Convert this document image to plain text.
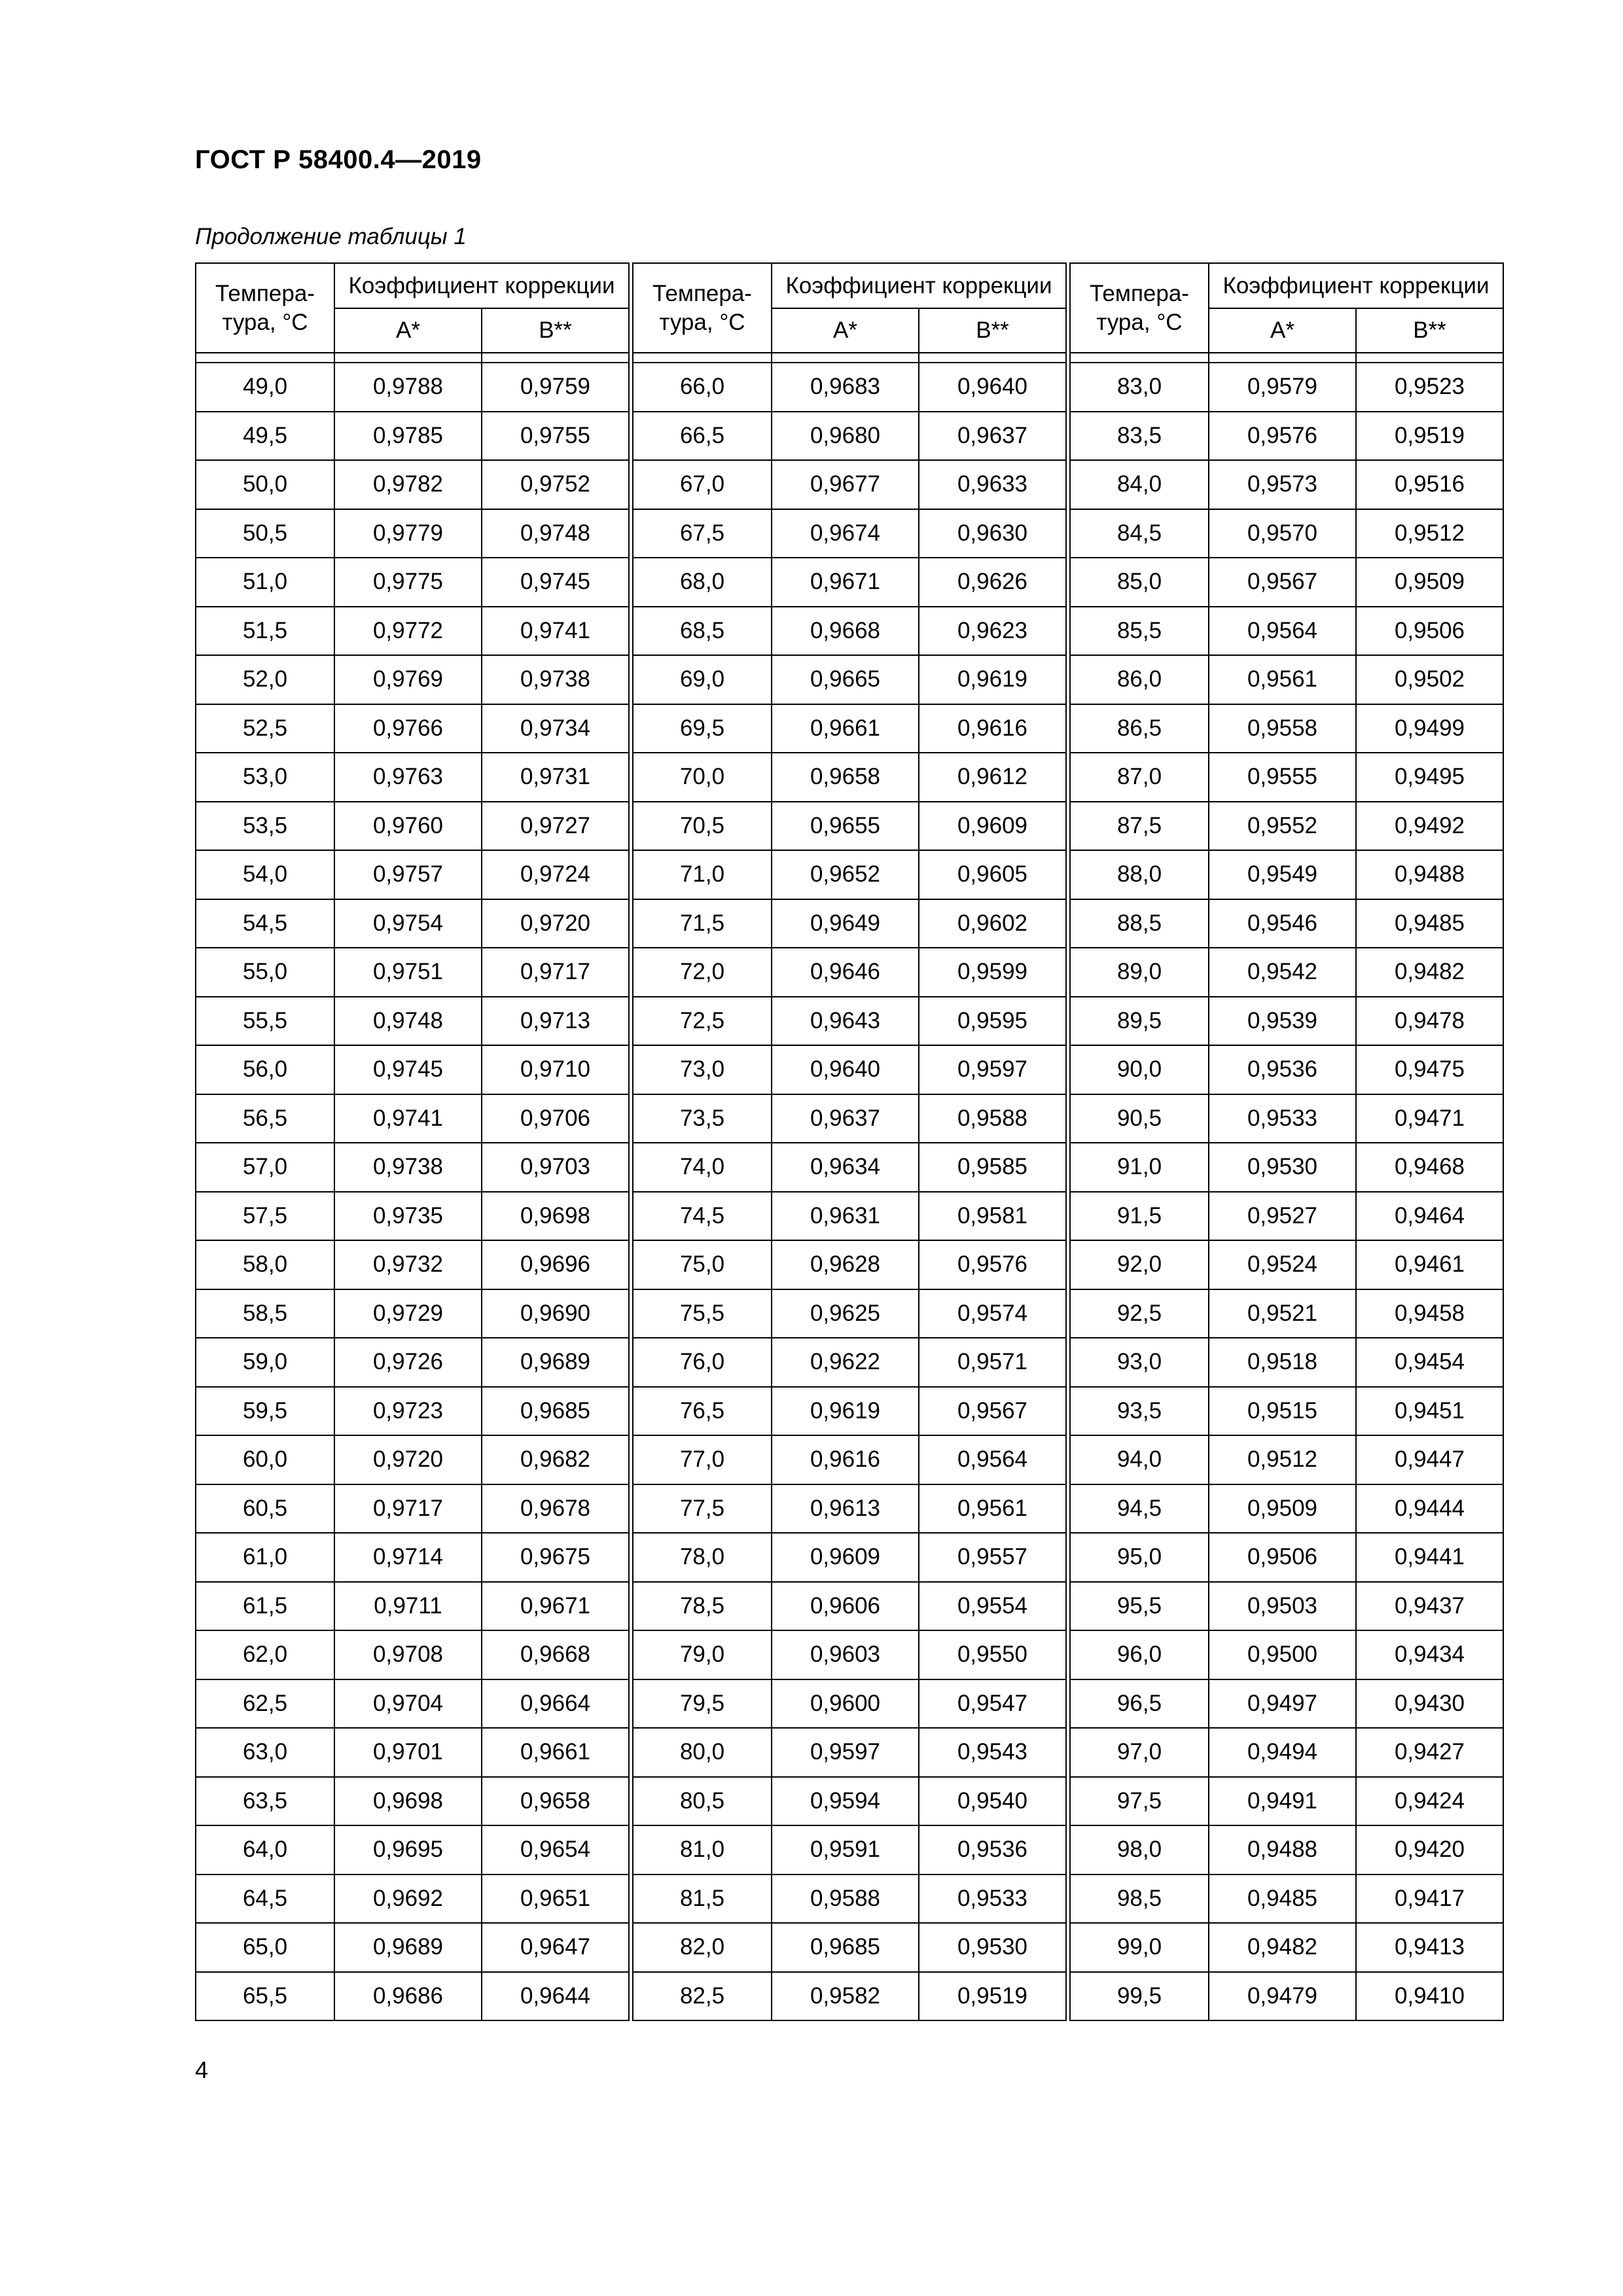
ГОСТ Р 58400.4—2019
Продолжение таблицы 1
Темпера-
тура, °С	Коэффициент коррекции	
	A*	B**

49,0	0,9788	0,9759
49,5	0,9785	0,9755
50,0	0,9782	0,9752
50,5	0,9779	0,9748
51,0	0,9775	0,9745
51,5	0,9772	0,9741
52,0	0,9769	0,9738
52,5	0,9766	0,9734
53,0	0,9763	0,9731
53,5	0,9760	0,9727
54,0	0,9757	0,9724
54,5	0,9754	0,9720
55,0	0,9751	0,9717
55,5	0,9748	0,9713
56,0	0,9745	0,9710
56,5	0,9741	0,9706
57,0	0,9738	0,9703
57,5	0,9735	0,9698
58,0	0,9732	0,9696
58,5	0,9729	0,9690
59,0	0,9726	0,9689
59,5	0,9723	0,9685
60,0	0,9720	0,9682
60,5	0,9717	0,9678
61,0	0,9714	0,9675
61,5	0,9711	0,9671
62,0	0,9708	0,9668
62,5	0,9704	0,9664
63,0	0,9701	0,9661
63,5	0,9698	0,9658
64,0	0,9695	0,9654
64,5	0,9692	0,9651
65,0	0,9689	0,9647
65,5	0,9686	0,9644
Темпера-
тура, °С	Коэффициент коррекции	
	A*	B**

66,0	0,9683	0,9640
66,5	0,9680	0,9637
67,0	0,9677	0,9633
67,5	0,9674	0,9630
68,0	0,9671	0,9626
68,5	0,9668	0,9623
69,0	0,9665	0,9619
69,5	0,9661	0,9616
70,0	0,9658	0,9612
70,5	0,9655	0,9609
71,0	0,9652	0,9605
71,5	0,9649	0,9602
72,0	0,9646	0,9599
72,5	0,9643	0,9595
73,0	0,9640	0,9597
73,5	0,9637	0,9588
74,0	0,9634	0,9585
74,5	0,9631	0,9581
75,0	0,9628	0,9576
75,5	0,9625	0,9574
76,0	0,9622	0,9571
76,5	0,9619	0,9567
77,0	0,9616	0,9564
77,5	0,9613	0,9561
78,0	0,9609	0,9557
78,5	0,9606	0,9554
79,0	0,9603	0,9550
79,5	0,9600	0,9547
80,0	0,9597	0,9543
80,5	0,9594	0,9540
81,0	0,9591	0,9536
81,5	0,9588	0,9533
82,0	0,9685	0,9530
82,5	0,9582	0,9519
Темпера-
тура, °С	Коэффициент коррекции	
	A*	B**

83,0	0,9579	0,9523
83,5	0,9576	0,9519
84,0	0,9573	0,9516
84,5	0,9570	0,9512
85,0	0,9567	0,9509
85,5	0,9564	0,9506
86,0	0,9561	0,9502
86,5	0,9558	0,9499
87,0	0,9555	0,9495
87,5	0,9552	0,9492
88,0	0,9549	0,9488
88,5	0,9546	0,9485
89,0	0,9542	0,9482
89,5	0,9539	0,9478
90,0	0,9536	0,9475
90,5	0,9533	0,9471
91,0	0,9530	0,9468
91,5	0,9527	0,9464
92,0	0,9524	0,9461
92,5	0,9521	0,9458
93,0	0,9518	0,9454
93,5	0,9515	0,9451
94,0	0,9512	0,9447
94,5	0,9509	0,9444
95,0	0,9506	0,9441
95,5	0,9503	0,9437
96,0	0,9500	0,9434
96,5	0,9497	0,9430
97,0	0,9494	0,9427
97,5	0,9491	0,9424
98,0	0,9488	0,9420
98,5	0,9485	0,9417
99,0	0,9482	0,9413
99,5	0,9479	0,9410
4
